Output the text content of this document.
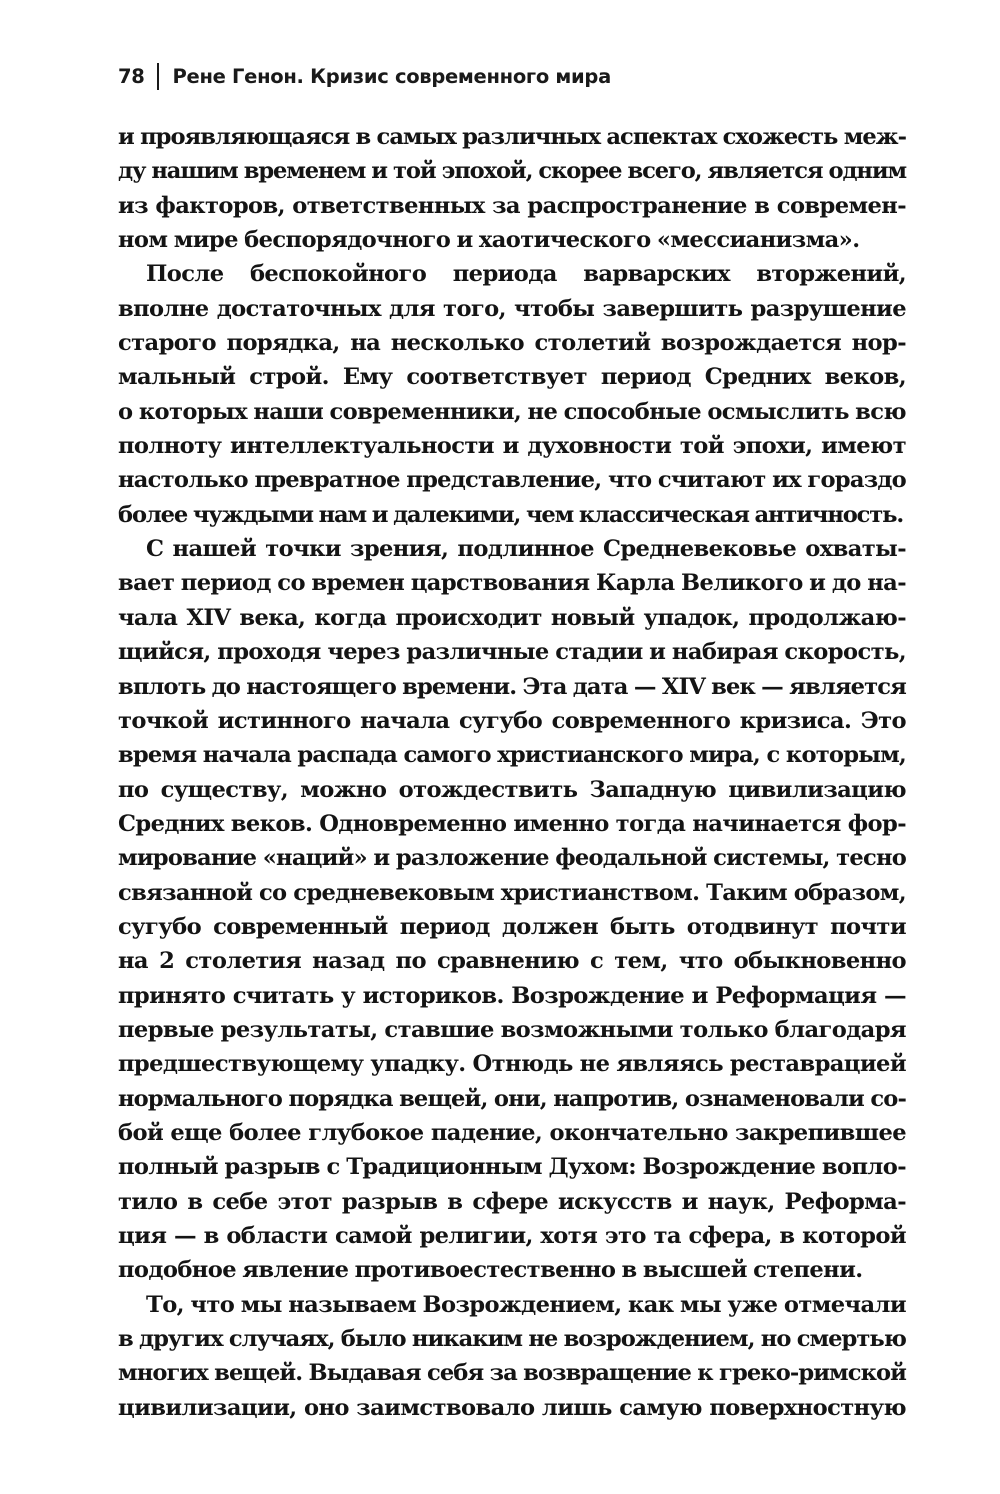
78 Рене Генон. Кризис современного мира
и проявляющаяся в самых различных аспектах схожесть меж-
ду нашим временем и той эпохой, скорее всего, является одним
из факторов, ответственных за распространение в современ-
ном мире беспорядочного и хаотического «мессианизма».
После беспокойного периода варварских вторжений,
вполне достаточных для того, чтобы завершить разрушение
старого порядка, на несколько столетий возрождается нор-
мальный строй. Ему соответствует период Средних веков,
о которых наши современники, не способные осмыслить всю
полноту интеллектуальности и духовности той эпохи, имеют
настолько превратное представление, что считают их гораздо
более чуждыми нам и далекими, чем классическая античность.
С нашей точки зрения, подлинное Средневековье охваты-
вает период со времен царствования Карла Великого и до на-
чала XIV века, когда происходит новый упадок, продолжаю-
щийся, проходя через различные стадии и набирая скорость,
вплоть до настоящего времени. Эта дата — XIV век — является
точкой истинного начала сугубо современного кризиса. Это
время начала распада самого христианского мира, с которым,
по существу, можно отождествить Западную цивилизацию
Средних веков. Одновременно именно тогда начинается фор-
мирование «наций» и разложение феодальной системы, тесно
связанной со средневековым христианством. Таким образом,
сугубо современный период должен быть отодвинут почти
на 2 столетия назад по сравнению с тем, что обыкновенно
принято считать у историков. Возрождение и Реформация —
первые результаты, ставшие возможными только благодаря
предшествующему упадку. Отнюдь не являясь реставрацией
нормального порядка вещей, они, напротив, ознаменовали со-
бой еще более глубокое падение, окончательно закрепившее
полный разрыв с Традиционным Духом: Возрождение вопло-
тило в себе этот разрыв в сфере искусств и наук, Реформа-
ция — в области самой религии, хотя это та сфера, в которой
подобное явление противоестественно в высшей степени.
То, что мы называем Возрождением, как мы уже отмечали
в других случаях, было никаким не возрождением, но смертью
многих вещей. Выдавая себя за возвращение к греко-римской
цивилизации, оно заимствовало лишь самую поверхностную
